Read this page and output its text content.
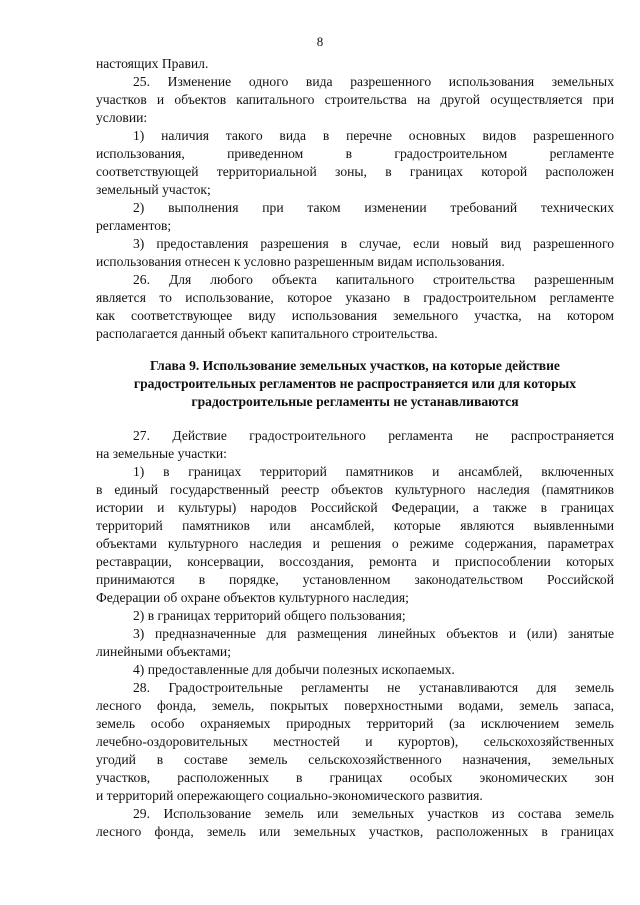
8
настоящих Правил.
25. Изменение одного вида разрешенного использования земельных
участков и объектов капитального строительства на другой осуществляется при
условии:
1) наличия такого вида в перечне основных видов разрешенного
использования, приведенном в градостроительном регламенте
соответствующей территориальной зоны, в границах которой расположен
земельный участок;
2) выполнения при таком изменении требований технических
регламентов;
3) предоставления разрешения в случае, если новый вид разрешенного
использования отнесен к условно разрешенным видам использования.
26. Для любого объекта капитального строительства разрешенным
является то использование, которое указано в градостроительном регламенте
как соответствующее виду использования земельного участка, на котором
располагается данный объект капитального строительства.
27. Действие градостроительного регламента не распространяется
на земельные участки:
1) в границах территорий памятников и ансамблей, включенных
в единый государственный реестр объектов культурного наследия (памятников
истории и культуры) народов Российской Федерации, а также в границах
территорий памятников или ансамблей, которые являются выявленными
объектами культурного наследия и решения о режиме содержания, параметрах
реставрации, консервации, воссоздания, ремонта и приспособлении которых
принимаются в порядке, установленном законодательством Российской
Федерации об охране объектов культурного наследия;
2) в границах территорий общего пользования;
3) предназначенные для размещения линейных объектов и (или) занятые
линейными объектами;
4) предоставленные для добычи полезных ископаемых.
28. Градостроительные регламенты не устанавливаются для земель
лесного фонда, земель, покрытых поверхностными водами, земель запаса,
земель особо охраняемых природных территорий (за исключением земель
лечебно-оздоровительных местностей и курортов), сельскохозяйственных
угодий в составе земель сельскохозяйственного назначения, земельных
участков, расположенных в границах особых экономических зон
и территорий опережающего социально-экономического развития.
29. Использование земель или земельных участков из состава земель
лесного фонда, земель или земельных участков, расположенных в границах
Глава 9. Использование земельных участков, на которые действие
градостроительных регламентов не распространяется или для которых
градостроительные регламенты не устанавливаются
